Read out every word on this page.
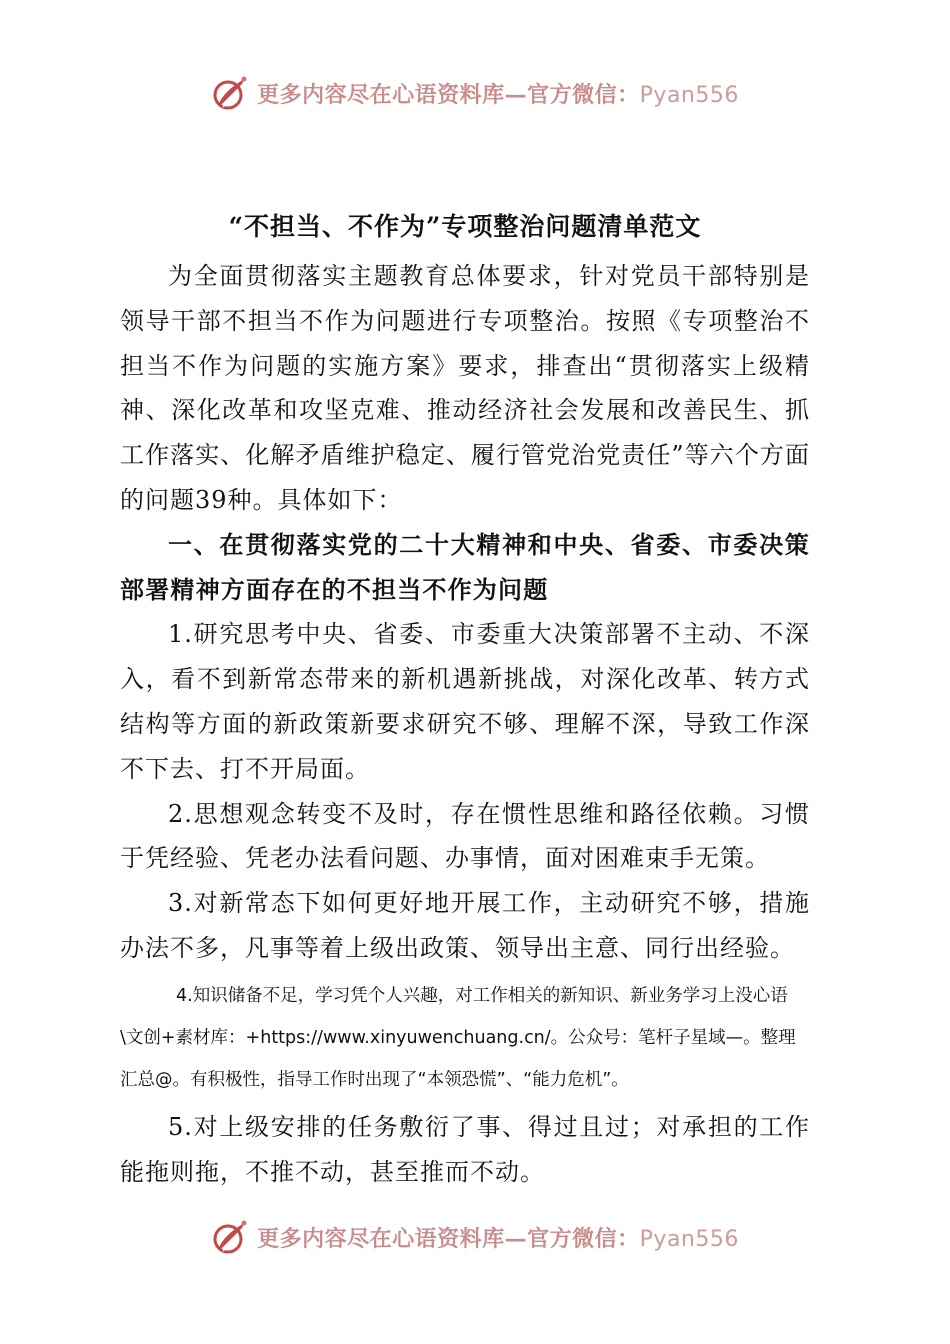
更多内容尽在心语资料库—官方微信：Pyan556

“不担当、不作为”专项整治问题清单范文

为全面贯彻落实主题教育总体要求，针对党员干部特别是领导干部不担当不作为问题进行专项整治。按照《专项整治不担当不作为问题的实施方案》要求，排查出“贯彻落实上级精神、深化改革和攻坚克难、推动经济社会发展和改善民生、抓工作落实、化解矛盾维护稳定、履行管党治党责任”等六个方面的问题39种。具体如下：

一、在贯彻落实党的二十大精神和中央、省委、市委决策部署精神方面存在的不担当不作为问题

1.研究思考中央、省委、市委重大决策部署不主动、不深入，看不到新常态带来的新机遇新挑战，对深化改革、转方式结构等方面的新政策新要求研究不够、理解不深，导致工作深不下去、打不开局面。

2.思想观念转变不及时，存在惯性思维和路径依赖。习惯于凭经验、凭老办法看问题、办事情，面对困难束手无策。

3.对新常态下如何更好地开展工作，主动研究不够，措施办法不多，凡事等着上级出政策、领导出主意、同行出经验。

4.知识储备不足，学习凭个人兴趣，对工作相关的新知识、新业务学习上没心语\文创+素材库：+https://www.xinyuwenchuang.cn/。公众号：笔杆子星域—。整理汇总@。有积极性，指导工作时出现了“本领恐慌”、“能力危机”。

5.对上级安排的任务敷衍了事、得过且过；对承担的工作能拖则拖，不推不动，甚至推而不动。

更多内容尽在心语资料库—官方微信：Pyan556
